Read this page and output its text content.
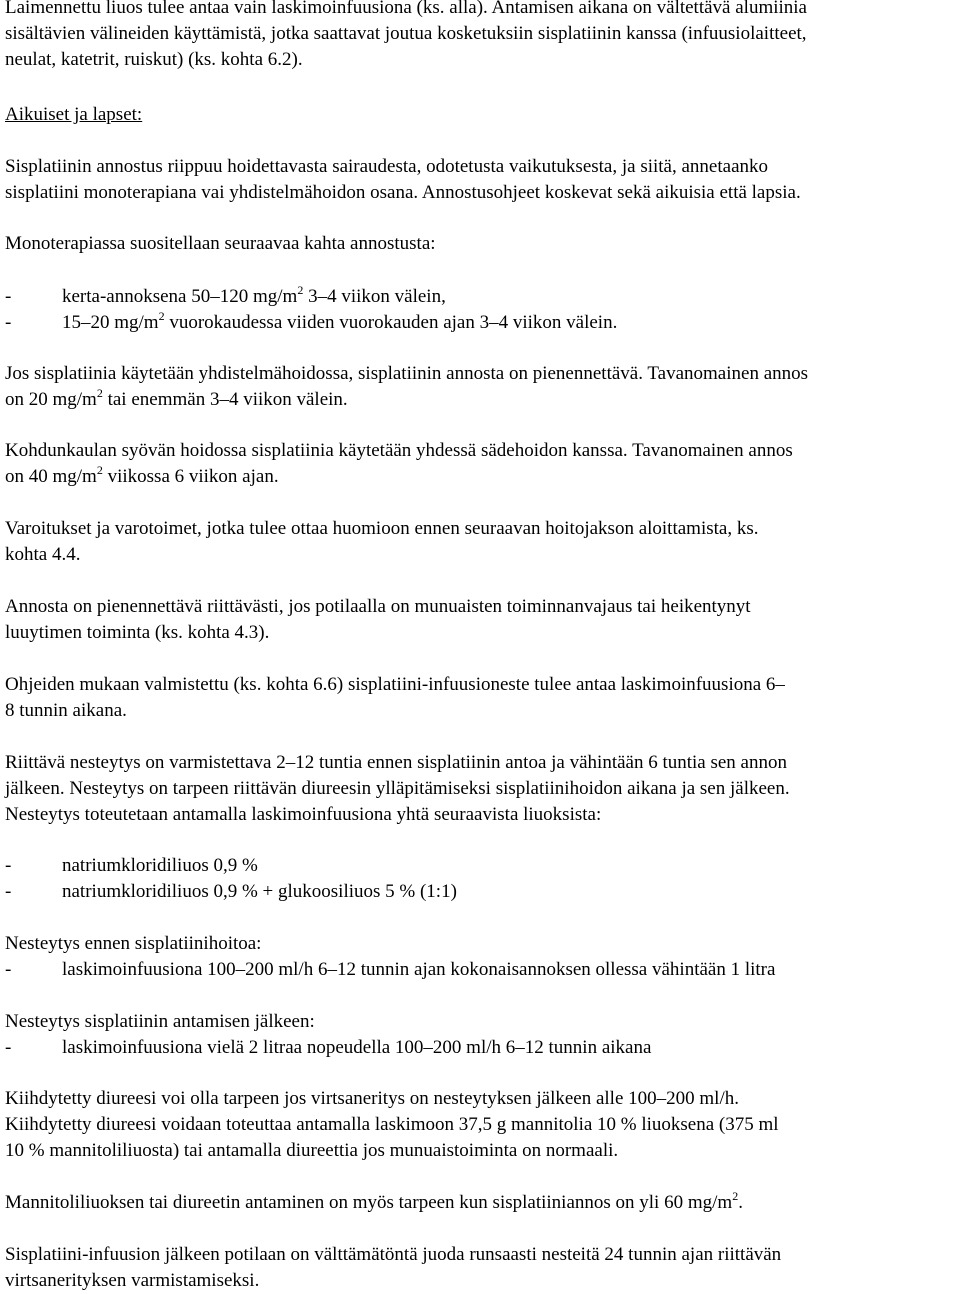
Laimennettu liuos tulee antaa vain laskimoinfuusiona (ks. alla). Antamisen aikana on vältettävä alumiinia
sisältävien välineiden käyttämistä, jotka saattavat joutua kosketuksiin sisplatiinin kanssa (infuusiolaitteet,
neulat, katetrit, ruiskut) (ks. kohta 6.2).
Aikuiset ja lapset:
Sisplatiinin annostus riippuu hoidettavasta sairaudesta, odotetusta vaikutuksesta, ja siitä, annetaanko
sisplatiini monoterapiana vai yhdistelmähoidon osana. Annostusohjeet koskevat sekä aikuisia että lapsia.
Monoterapiassa suositellaan seuraavaa kahta annostusta:
-	kerta-annoksena 50–120 $mg/m^2$ 3–4 viikon välein,
-	15–20 $mg/m^2$ vuorokaudessa viiden vuorokauden ajan 3–4 viikon välein.
Jos sisplatiinia käytetään yhdistelmähoidossa, sisplatiinin annosta on pienennettävä. Tavanomainen annos
on 20 $mg/m^2$ tai enemmän 3–4 viikon välein.
Kohdunkaulan syövän hoidossa sisplatiinia käytetään yhdessä sädehoidon kanssa. Tavanomainen annos
on 40 $mg/m^2$ viikossa 6 viikon ajan.
Varoitukset ja varotoimet, jotka tulee ottaa huomioon ennen seuraavan hoitojakson aloittamista, ks.
kohta 4.4.
Annosta on pienennettävä riittävästi, jos potilaalla on munuaisten toiminnanvajaus tai heikentynyt
luuytimen toiminta (ks. kohta 4.3).
Ohjeiden mukaan valmistettu (ks. kohta 6.6) sisplatiini-infuusioneste tulee antaa laskimoinfuusiona 6–
8 tunnin aikana.
Riittävä nesteytys on varmistettava 2–12 tuntia ennen sisplatiinin antoa ja vähintään 6 tuntia sen annon
jälkeen. Nesteytys on tarpeen riittävän diureesin ylläpitämiseksi sisplatiinihoidon aikana ja sen jälkeen.
Nesteytys toteutetaan antamalla laskimoinfuusiona yhtä seuraavista liuoksista:
-	natriumkloridiliuos 0,9 %
-	natriumkloridiliuos 0,9 % + glukoosiliuos 5 % (1:1)
Nesteytys ennen sisplatiinihoitoa:
-	laskimoinfuusiona 100–200 ml/h 6–12 tunnin ajan kokonaisannoksen ollessa vähintään 1 litra
Nesteytys sisplatiinin antamisen jälkeen:
-	laskimoinfuusiona vielä 2 litraa nopeudella 100–200 ml/h 6–12 tunnin aikana
Kiihdytetty diureesi voi olla tarpeen jos virtsaneritys on nesteytyksen jälkeen alle 100–200 ml/h.
Kiihdytetty diureesi voidaan toteuttaa antamalla laskimoon 37,5 g mannitolia 10 % liuoksena (375 ml
10 % mannitoliliuosta) tai antamalla diureettia jos munuaistoiminta on normaali.
Mannitoliliuoksen tai diureetin antaminen on myös tarpeen kun sisplatiiniannos on yli 60 $mg/m^2$.
Sisplatiini-infuusion jälkeen potilaan on välttämätöntä juoda runsaasti nesteitä 24 tunnin ajan riittävän
virtsanerityksen varmistamiseksi.
